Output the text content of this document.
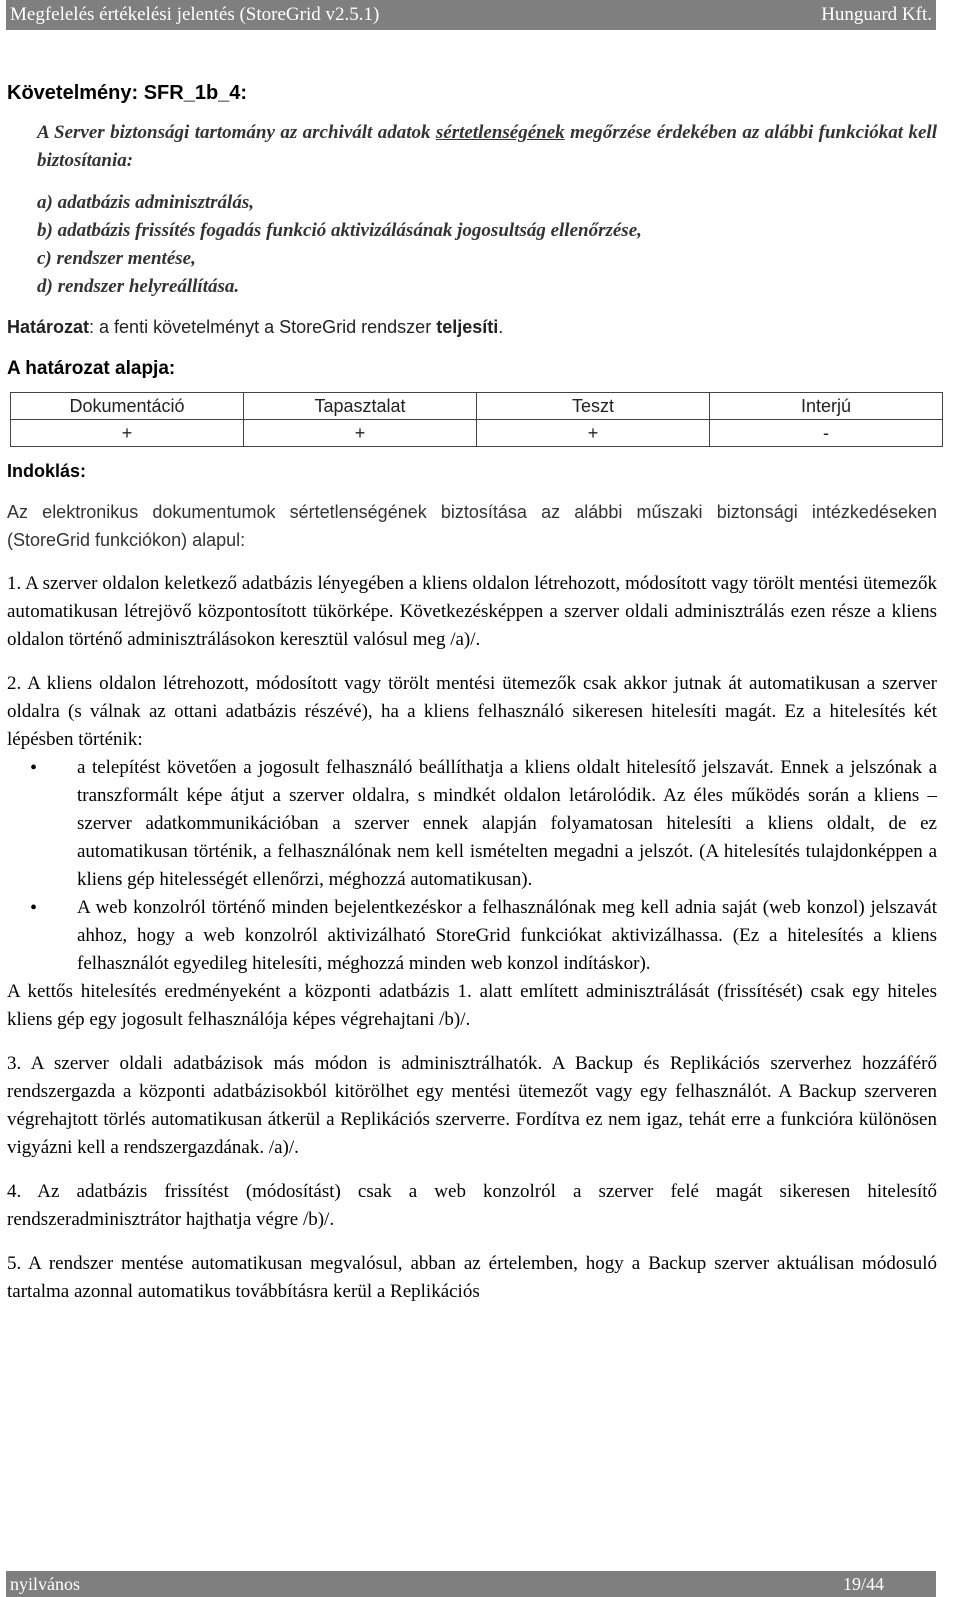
Megfelelés értékelési jelentés (StoreGrid v2.5.1)	Hunguard Kft.
Követelmény: SFR_1b_4:

A Server biztonsági tartomány az archivált adatok sértetlenségének megőrzése érdekében az alábbi funkciókat kell biztosítania:

a) adatbázis adminisztrálás,

b) adatbázis frissítés fogadás funkció aktivizálásának jogosultság ellenőrzése,

c) rendszer mentése,

d) rendszer helyreállítása.

Határozat: a fenti követelményt a StoreGrid rendszer teljesíti.
A határozat alapja:
Dokumentáció	Tapasztalat	Teszt	Interjú
+	+	+	-
Indoklás:
Az elektronikus dokumentumok sértetlenségének biztosítása az alábbi műszaki biztonsági intézkedéseken (StoreGrid funkciókon) alapul:

1. A szerver oldalon keletkező adatbázis lényegében a kliens oldalon létrehozott, módosított vagy törölt mentési ütemezők automatikusan létrejövő központosított tükörképe. Következésképpen a szerver oldali adminisztrálás ezen része a kliens oldalon történő adminisztrálásokon keresztül valósul meg /a)/.

2. A kliens oldalon létrehozott, módosított vagy törölt mentési ütemezők csak akkor jutnak át automatikusan a szerver oldalra (s válnak az ottani adatbázis részévé), ha a kliens felhasználó sikeresen hitelesíti magát. Ez a hitelesítés két lépésben történik:

• a telepítést követően a jogosult felhasználó beállíthatja a kliens oldalt hitelesítő jelszavát. Ennek a jelszónak a transzformált képe átjut a szerver oldalra, s mindkét oldalon letárolódik. Az éles működés során a kliens – szerver adatkommunikációban a szerver ennek alapján folyamatosan hitelesíti a kliens oldalt, de ez automatikusan történik, a felhasználónak nem kell ismételten megadni a jelszót. (A hitelesítés tulajdonképpen a kliens gép hitelességét ellenőrzi, méghozzá automatikusan).
• A web konzolról történő minden bejelentkezéskor a felhasználónak meg kell adnia saját (web konzol) jelszavát ahhoz, hogy a web konzolról aktivizálható StoreGrid funkciókat aktivizálhassa. (Ez a hitelesítés a kliens felhasználót egyedileg hitelesíti, méghozzá minden web konzol indításkor).

A kettős hitelesítés eredményeként a központi adatbázis 1. alatt említett adminisztrálását (frissítését) csak egy hiteles kliens gép egy jogosult felhasználója képes végrehajtani /b)/.

3. A szerver oldali adatbázisok más módon is adminisztrálhatók. A Backup és Replikációs szerverhez hozzáférő rendszergazda a központi adatbázisokból kitörölhet egy mentési ütemezőt vagy egy felhasználót. A Backup szerveren végrehajtott törlés automatikusan átkerül a Replikációs szerverre. Fordítva ez nem igaz, tehát erre a funkcióra különösen vigyázni kell a rendszergazdának. /a)/.

4. Az adatbázis frissítést (módosítást) csak a web konzolról a szerver felé magát sikeresen hitelesítő rendszeradminisztrátor hajthatja végre /b)/.

5. A rendszer mentése automatikusan megvalósul, abban az értelemben, hogy a Backup szerver aktuálisan módosuló tartalma azonnal automatikus továbbításra kerül a Replikációs

nyilvános	19/44
